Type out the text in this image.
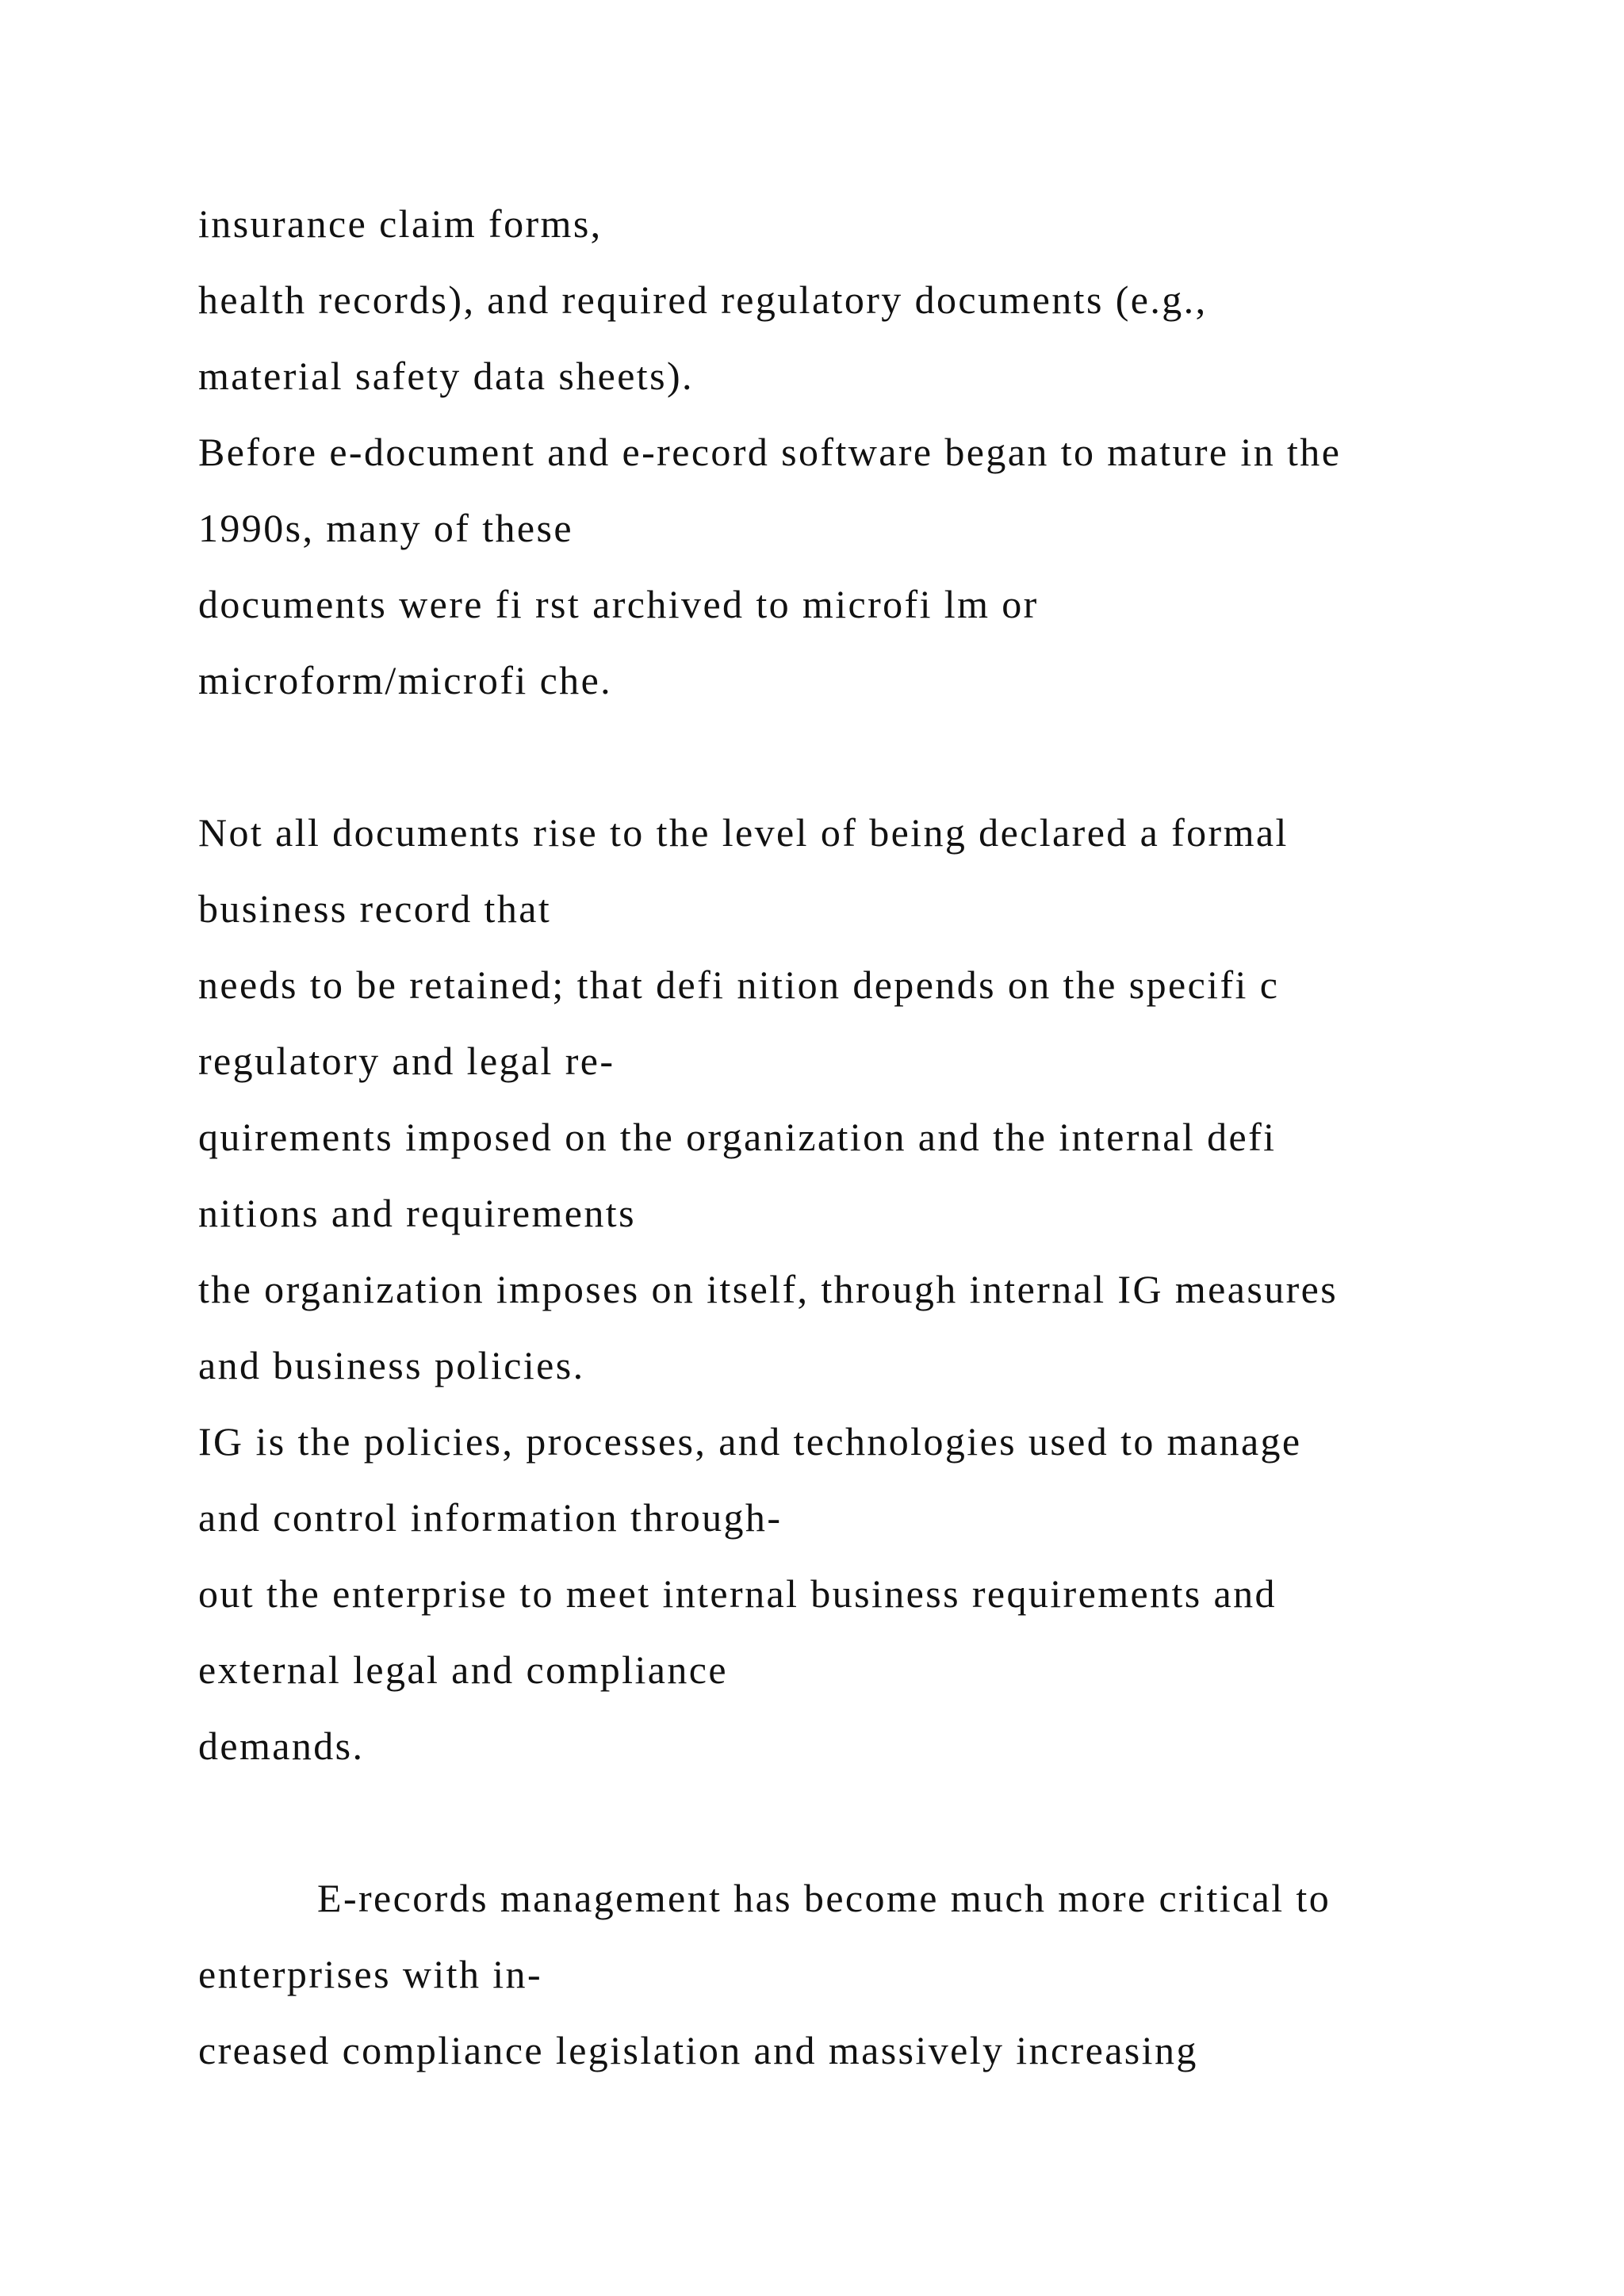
insurance claim forms,

health records), and required regulatory documents (e.g.,

material safety data sheets).

Before e-document and e-record software began to mature in the

1990s, many of these

documents were fi rst archived to microfi lm or

microform/microfi che.

Not all documents rise to the level of being declared a formal

business record that

needs to be retained; that defi nition depends on the specifi c

regulatory and legal re-

quirements imposed on the organization and the internal defi

nitions and requirements

the organization imposes on itself, through internal IG measures

and business policies.

IG is the policies, processes, and technologies used to manage

and control information through-

out the enterprise to meet internal business requirements and

external legal and compliance

demands.

E-records management has become much more critical to

enterprises with in-

creased compliance legislation and massively increasing
